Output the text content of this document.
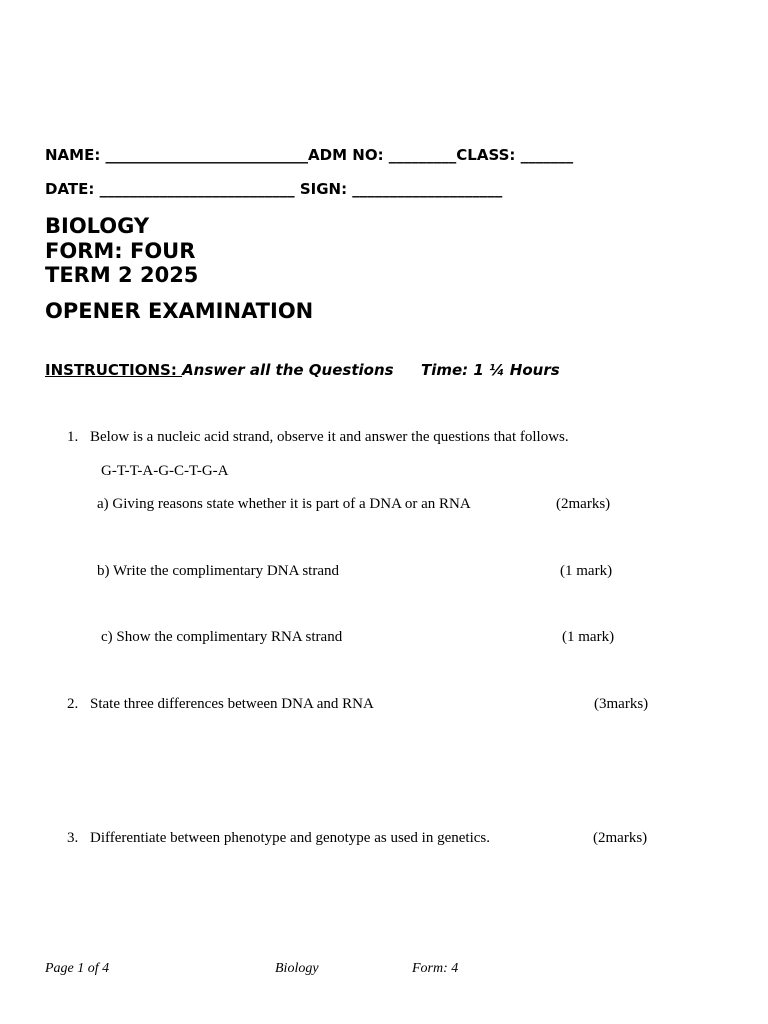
NAME: ___________________________ADM NO: _________CLASS: _______
DATE: __________________________ SIGN: ____________________
BIOLOGY
FORM: FOUR
TERM 2 2025
OPENER EXAMINATION
INSTRUCTIONS: Answer all the Questions Time: 1 ¼ Hours
1. Below is a nucleic acid strand, observe it and answer the questions that follows.
G-T-T-A-G-C-T-G-A
a) Giving reasons state whether it is part of a DNA or an RNA	(2marks)
b) Write the complimentary DNA strand	(1 mark)
c) Show the complimentary RNA strand	(1 mark)
2. State three differences between DNA and RNA	(3marks)
3. Differentiate between phenotype and genotype as used in genetics.	(2marks)
Page 1 of 4	Biology	Form: 4
